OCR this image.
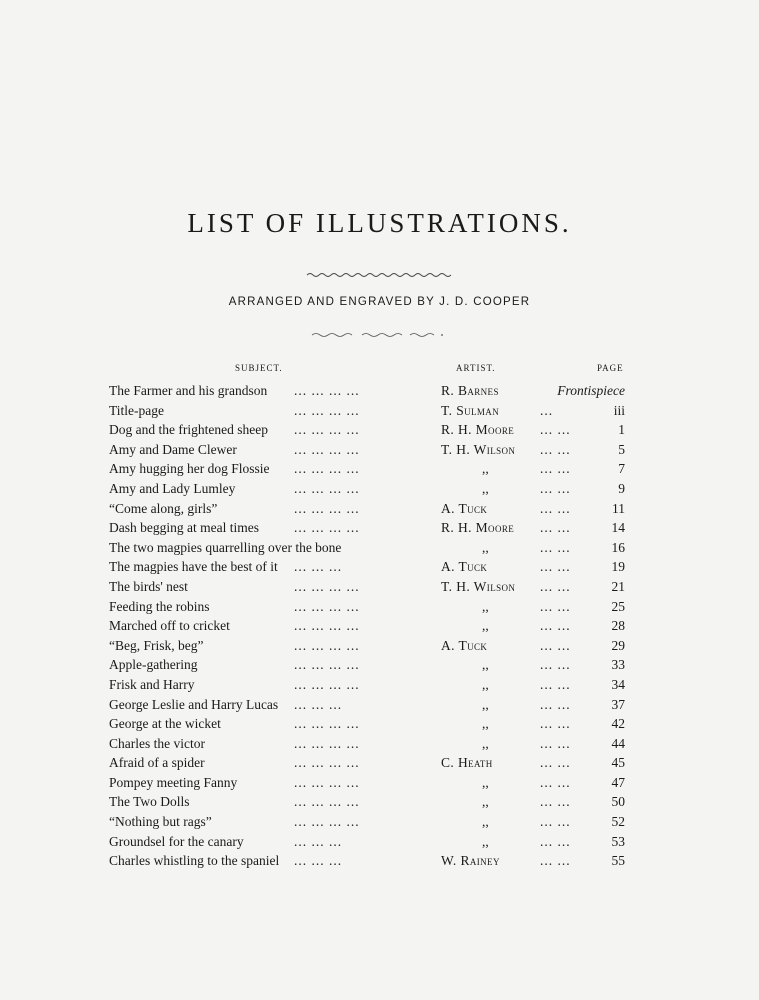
LIST OF ILLUSTRATIONS.
ARRANGED AND ENGRAVED BY J. D. COOPER
SUBJECT.	ARTIST.	PAGE
The Farmer and his grandson ... ... ... ...	R. Barnes	Frontispiece
Title-page	... ... ... ...	T. Sulman	...	iii
Dog and the frightened sheep ... ... ... ...	R. H. Moore ... ...	1
Amy and Dame Clewer	... ... ... ...	T. H. Wilson ... ...	5
Amy hugging her dog Flossie ... ... ... ...	,,	... ...	7
Amy and Lady Lumley	... ... ... ...	,,	... ...	9
“Come along, girls”	... ... ... ...	A. Tuck	... ...	11
Dash begging at meal times	... ... ... ...	R. H. Moore ... ...	14
The two magpies quarrelling over the bone	,,	... ...	16
The magpies have the best of it ... ... ...	A. Tuck	... ...	19
The birds' nest	... ... ... ...	T. H. Wilson ... ...	21
Feeding the robins	... ... ... ...	,,	... ...	25
Marched off to cricket	... ... ... ...	,,	... ...	28
“Beg, Frisk, beg”	... ... ... ...	A. Tuck	... ...	29
Apple-gathering	... ... ... ...	,,	... ...	33
Frisk and Harry	... ... ... ...	,,	... ...	34
George Leslie and Harry Lucas ... ... ...	,,	... ...	37
George at the wicket	... ... ... ...	,,	... ...	42
Charles the victor	... ... ... ...	,,	... ...	44
Afraid of a spider	... ... ... ...	C. Heath	... ...	45
Pompey meeting Fanny	... ... ... ...	,,	... ...	47
The Two Dolls	... ... ... ...	,,	... ...	50
“Nothing but rags”	... ... ... ...	,,	... ...	52
Groundsel for the canary	... ... ...	,,	... ...	53
Charles whistling to the spaniel ... ... ...	W. Rainey	... ...	55
